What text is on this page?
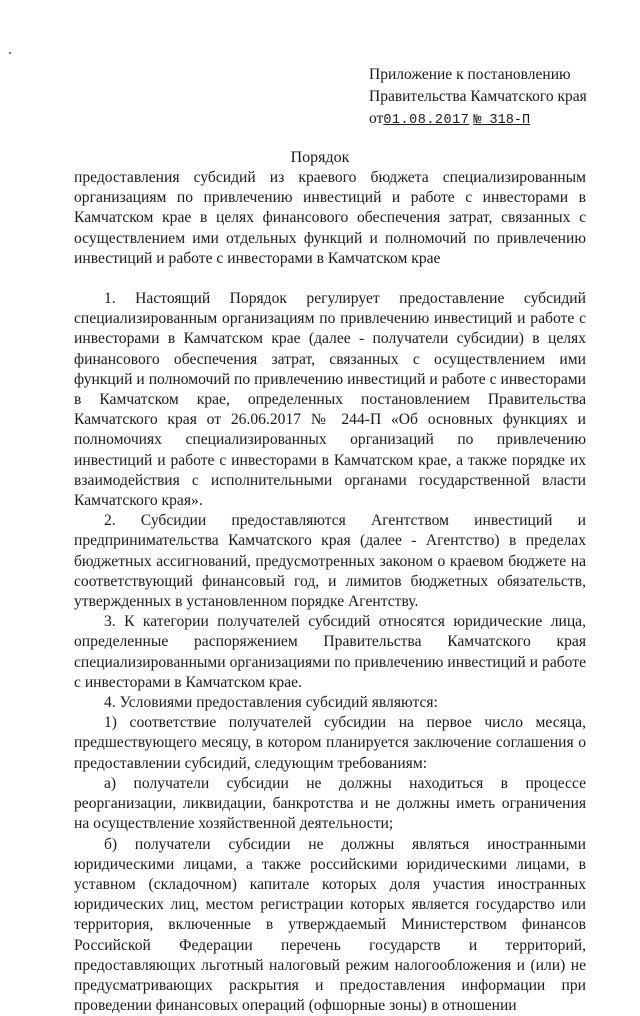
Приложение к постановлению
Правительства Камчатского края
от01.08.2017 № 318-П
Порядок

предоставления субсидий из краевого бюджета специализированным организациям по привлечению инвестиций и работе с инвесторами в Камчатском крае в целях финансового обеспечения затрат, связанных с осуществлением ими отдельных функций и полномочий по привлечению инвестиций и работе с инвесторами в Камчатском крае

1. Настоящий Порядок регулирует предоставление субсидий специализированным организациям по привлечению инвестиций и работе с инвесторами в Камчатском крае (далее - получатели субсидии) в целях финансового обеспечения затрат, связанных с осуществлением ими функций и полномочий по привлечению инвестиций и работе с инвесторами в Камчатском крае, определенных постановлением Правительства Камчатского края от 26.06.2017 № 244-П «Об основных функциях и полномочиях специализированных организаций по привлечению инвестиций и работе с инвесторами в Камчатском крае, а также порядке их взаимодействия с исполнительными органами государственной власти Камчатского края».

2. Субсидии предоставляются Агентством инвестиций и предпринимательства Камчатского края (далее - Агентство) в пределах бюджетных ассигнований, предусмотренных законом о краевом бюджете на соответствующий финансовый год, и лимитов бюджетных обязательств, утвержденных в установленном порядке Агентству.

3. К категории получателей субсидий относятся юридические лица, определенные распоряжением Правительства Камчатского края специализированными организациями по привлечению инвестиций и работе с инвесторами в Камчатском крае.

4. Условиями предоставления субсидий являются:

1) соответствие получателей субсидии на первое число месяца, предшествующего месяцу, в котором планируется заключение соглашения о предоставлении субсидий, следующим требованиям:

а) получатели субсидии не должны находиться в процессе реорганизации, ликвидации, банкротства и не должны иметь ограничения на осуществление хозяйственной деятельности;

б) получатели субсидии не должны являться иностранными юридическими лицами, а также российскими юридическими лицами, в уставном (складочном) капитале которых доля участия иностранных юридических лиц, местом регистрации которых является государство или территория, включенные в утверждаемый Министерством финансов Российской Федерации перечень государств и территорий, предоставляющих льготный налоговый режим налогообложения и (или) не предусматривающих раскрытия и предоставления информации при проведении финансовых операций (офшорные зоны) в отношении
